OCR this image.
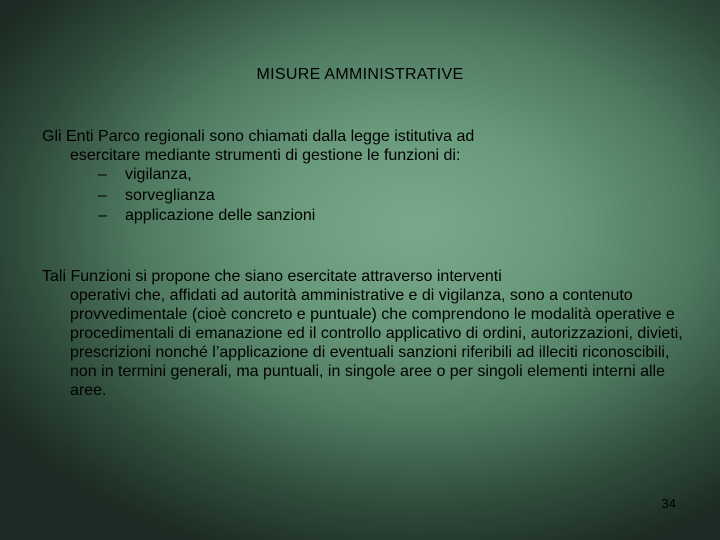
MISURE AMMINISTRATIVE
Gli Enti Parco regionali sono chiamati dalla legge istitutiva ad
esercitare mediante strumenti di gestione le funzioni di:
–	vigilanza,
–	sorveglianza
–	applicazione delle sanzioni
Tali Funzioni si propone che siano esercitate attraverso interventi
operativi che, affidati ad autorità amministrative e di vigilanza, sono a contenuto provvedimentale (cioè concreto e puntuale) che comprendono le modalità operative e procedimentali di emanazione ed il controllo applicativo di ordini, autorizzazioni, divieti, prescrizioni nonché l’applicazione di eventuali sanzioni riferibili ad illeciti riconoscibili, non in termini generali, ma puntuali, in singole aree o per singoli elementi interni alle aree.
34
